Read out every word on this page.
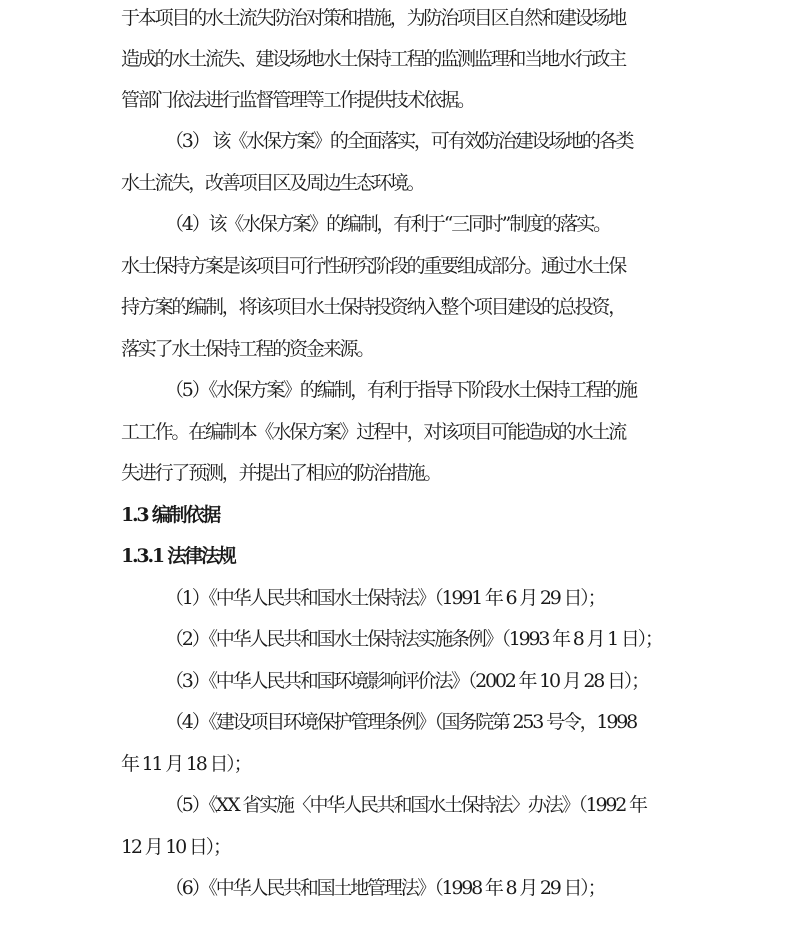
于本项目的水土流失防治对策和措施，为防治项目区自然和建设场地
造成的水土流失、建设场地水土保持工程的监测监理和当地水行政主
管部门依法进行监督管理等工作提供技术依据。
（3） 该《水保方案》的全面落实，可有效防治建设场地的各类
水土流失，改善项目区及周边生态环境。
（4）该《水保方案》的编制，有利于“三同时”制度的落实。
水土保持方案是该项目可行性研究阶段的重要组成部分。通过水土保
持方案的编制，将该项目水土保持投资纳入整个项目建设的总投资，
落实了水土保持工程的资金来源。
（5）《水保方案》的编制，有利于指导下阶段水土保持工程的施
工工作。在编制本《水保方案》过程中，对该项目可能造成的水土流
失进行了预测，并提出了相应的防治措施。
1.3 编制依据
1.3.1 法律法规
（1）《中华人民共和国水土保持法》（1991 年 6 月 29 日）；
（2）《中华人民共和国水土保持法实施条例》（1993 年 8 月 1 日）；
（3）《中华人民共和国环境影响评价法》（2002 年 10 月 28 日）；
（4）《建设项目环境保护管理条例》（国务院第 253 号令，1998
年 11 月 18 日）；
（5）《XX 省实施〈中华人民共和国水土保持法〉办法》（1992 年
12 月 10 日）；
（6）《中华人民共和国土地管理法》（1998 年 8 月 29 日）；
